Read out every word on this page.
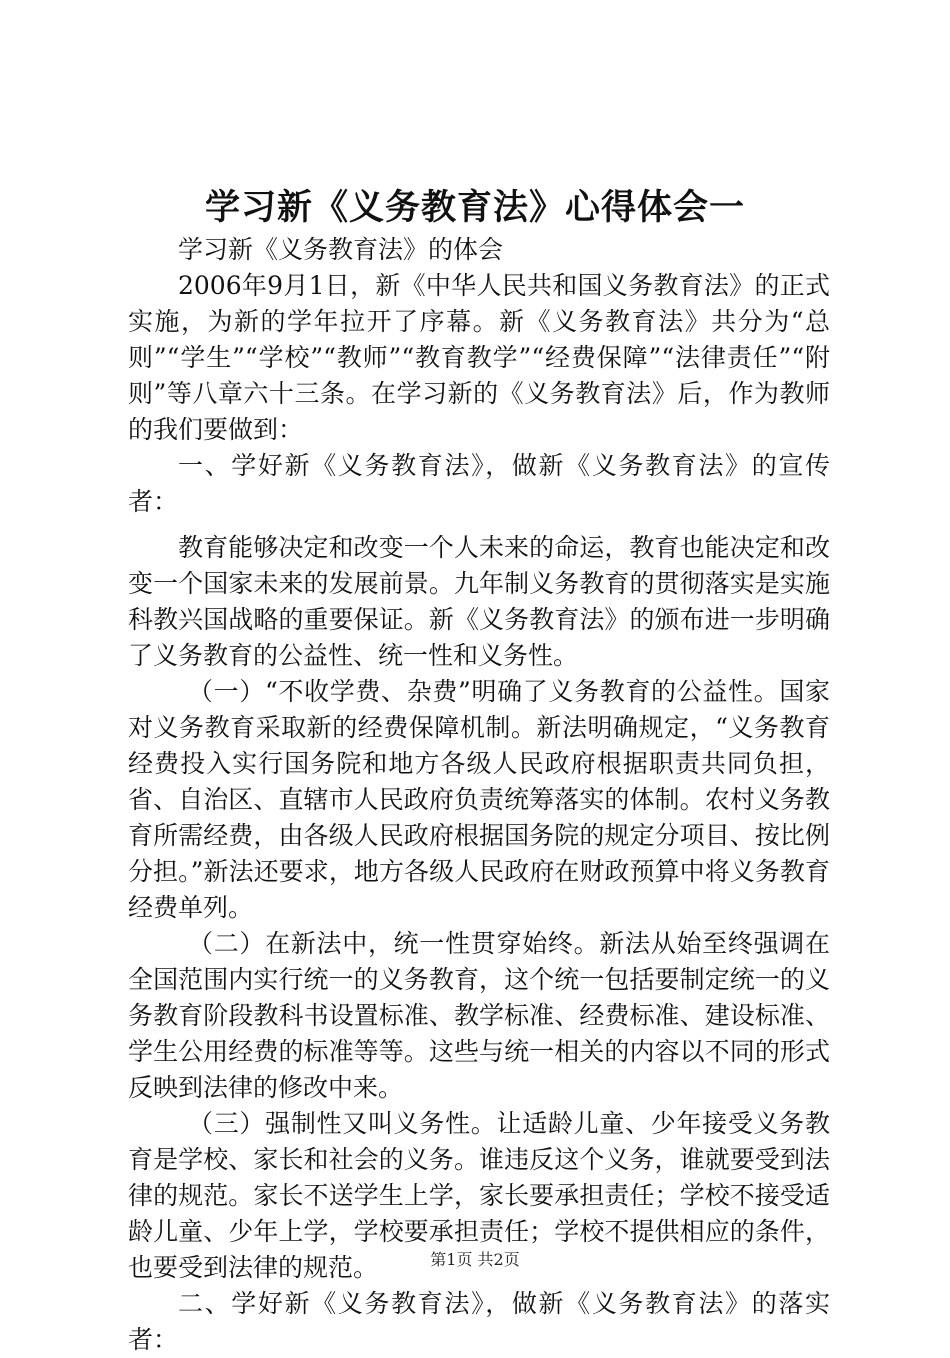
学习新《义务教育法》心得体会一

学习新《义务教育法》的体会

2006年9月1日，新《中华人民共和国义务教育法》的正式实施，为新的学年拉开了序幕。新《义务教育法》共分为“总则”“学生”“学校”“教师”“教育教学”“经费保障”“法律责任”“附则”等八章六十三条。在学习新的《义务教育法》后，作为教师的我们要做到：

一、学好新《义务教育法》，做新《义务教育法》的宣传者：

教育能够决定和改变一个人未来的命运，教育也能决定和改变一个国家未来的发展前景。九年制义务教育的贯彻落实是实施科教兴国战略的重要保证。新《义务教育法》的颁布进一步明确了义务教育的公益性、统一性和义务性。

（一）“不收学费、杂费”明确了义务教育的公益性。国家对义务教育采取新的经费保障机制。新法明确规定，“义务教育经费投入实行国务院和地方各级人民政府根据职责共同负担，省、自治区、直辖市人民政府负责统筹落实的体制。农村义务教育所需经费，由各级人民政府根据国务院的规定分项目、按比例分担。”新法还要求，地方各级人民政府在财政预算中将义务教育经费单列。

（二）在新法中，统一性贯穿始终。新法从始至终强调在全国范围内实行统一的义务教育，这个统一包括要制定统一的义务教育阶段教科书设置标准、教学标准、经费标准、建设标准、学生公用经费的标准等等。这些与统一相关的内容以不同的形式反映到法律的修改中来。

（三）强制性又叫义务性。让适龄儿童、少年接受义务教育是学校、家长和社会的义务。谁违反这个义务，谁就要受到法律的规范。家长不送学生上学，家长要承担责任；学校不接受适龄儿童、少年上学，学校要承担责任；学校不提供相应的条件，也要受到法律的规范。

二、学好新《义务教育法》，做新《义务教育法》的落实者：

第1页 共2页
